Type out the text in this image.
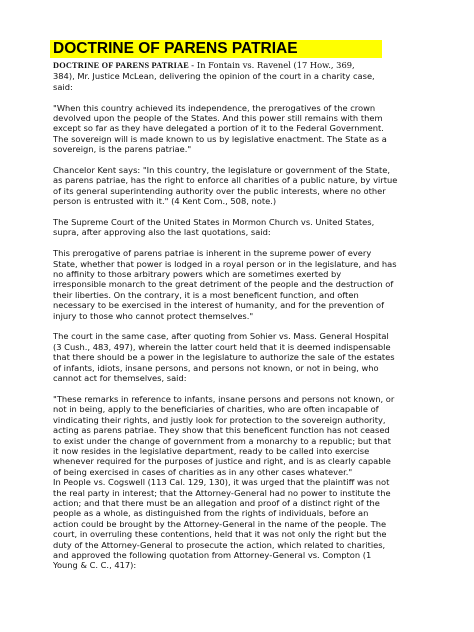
DOCTRINE OF PARENS PATRIAE

DOCTRINE OF PARENS PATRIAE - In Fontain vs. Ravenel (17 How., 369,
384), Mr. Justice McLean, delivering the opinion of the court in a charity case,
said:

"When this country achieved its independence, the prerogatives of the crown
devolved upon the people of the States. And this power still remains with them
except so far as they have delegated a portion of it to the Federal Government.
The sovereign will is made known to us by legislative enactment. The State as a
sovereign, is the parens patriae."

Chancelor Kent says: "In this country, the legislature or government of the State,
as parens patriae, has the right to enforce all charities of a public nature, by virtue
of its general superintending authority over the public interests, where no other
person is entrusted with it." (4 Kent Com., 508, note.)

The Supreme Court of the United States in Mormon Church vs. United States,
supra, after approving also the last quotations, said:

This prerogative of parens patriae is inherent in the supreme power of every
State, whether that power is lodged in a royal person or in the legislature, and has
no affinity to those arbitrary powers which are sometimes exerted by
irresponsible monarch to the great detriment of the people and the destruction of
their liberties. On the contrary, it is a most beneficent function, and often
necessary to be exercised in the interest of humanity, and for the prevention of
injury to those who cannot protect themselves."

The court in the same case, after quoting from Sohier vs. Mass. General Hospital
(3 Cush., 483, 497), wherein the latter court held that it is deemed indispensable
that there should be a power in the legislature to authorize the sale of the estates
of infants, idiots, insane persons, and persons not known, or not in being, who
cannot act for themselves, said:

"These remarks in reference to infants, insane persons and persons not known, or
not in being, apply to the beneficiaries of charities, who are often incapable of
vindicating their rights, and justly look for protection to the sovereign authority,
acting as parens patriae. They show that this beneficent function has not ceased
to exist under the change of government from a monarchy to a republic; but that
it now resides in the legislative department, ready to be called into exercise
whenever required for the purposes of justice and right, and is as clearly capable
of being exercised in cases of charities as in any other cases whatever."
In People vs. Cogswell (113 Cal. 129, 130), it was urged that the plaintiff was not
the real party in interest; that the Attorney-General had no power to institute the
action; and that there must be an allegation and proof of a distinct right of the
people as a whole, as distinguished from the rights of individuals, before an
action could be brought by the Attorney-General in the name of the people. The
court, in overruling these contentions, held that it was not only the right but the
duty of the Attorney-General to prosecute the action, which related to charities,
and approved the following quotation from Attorney-General vs. Compton (1
Young & C. C., 417):
